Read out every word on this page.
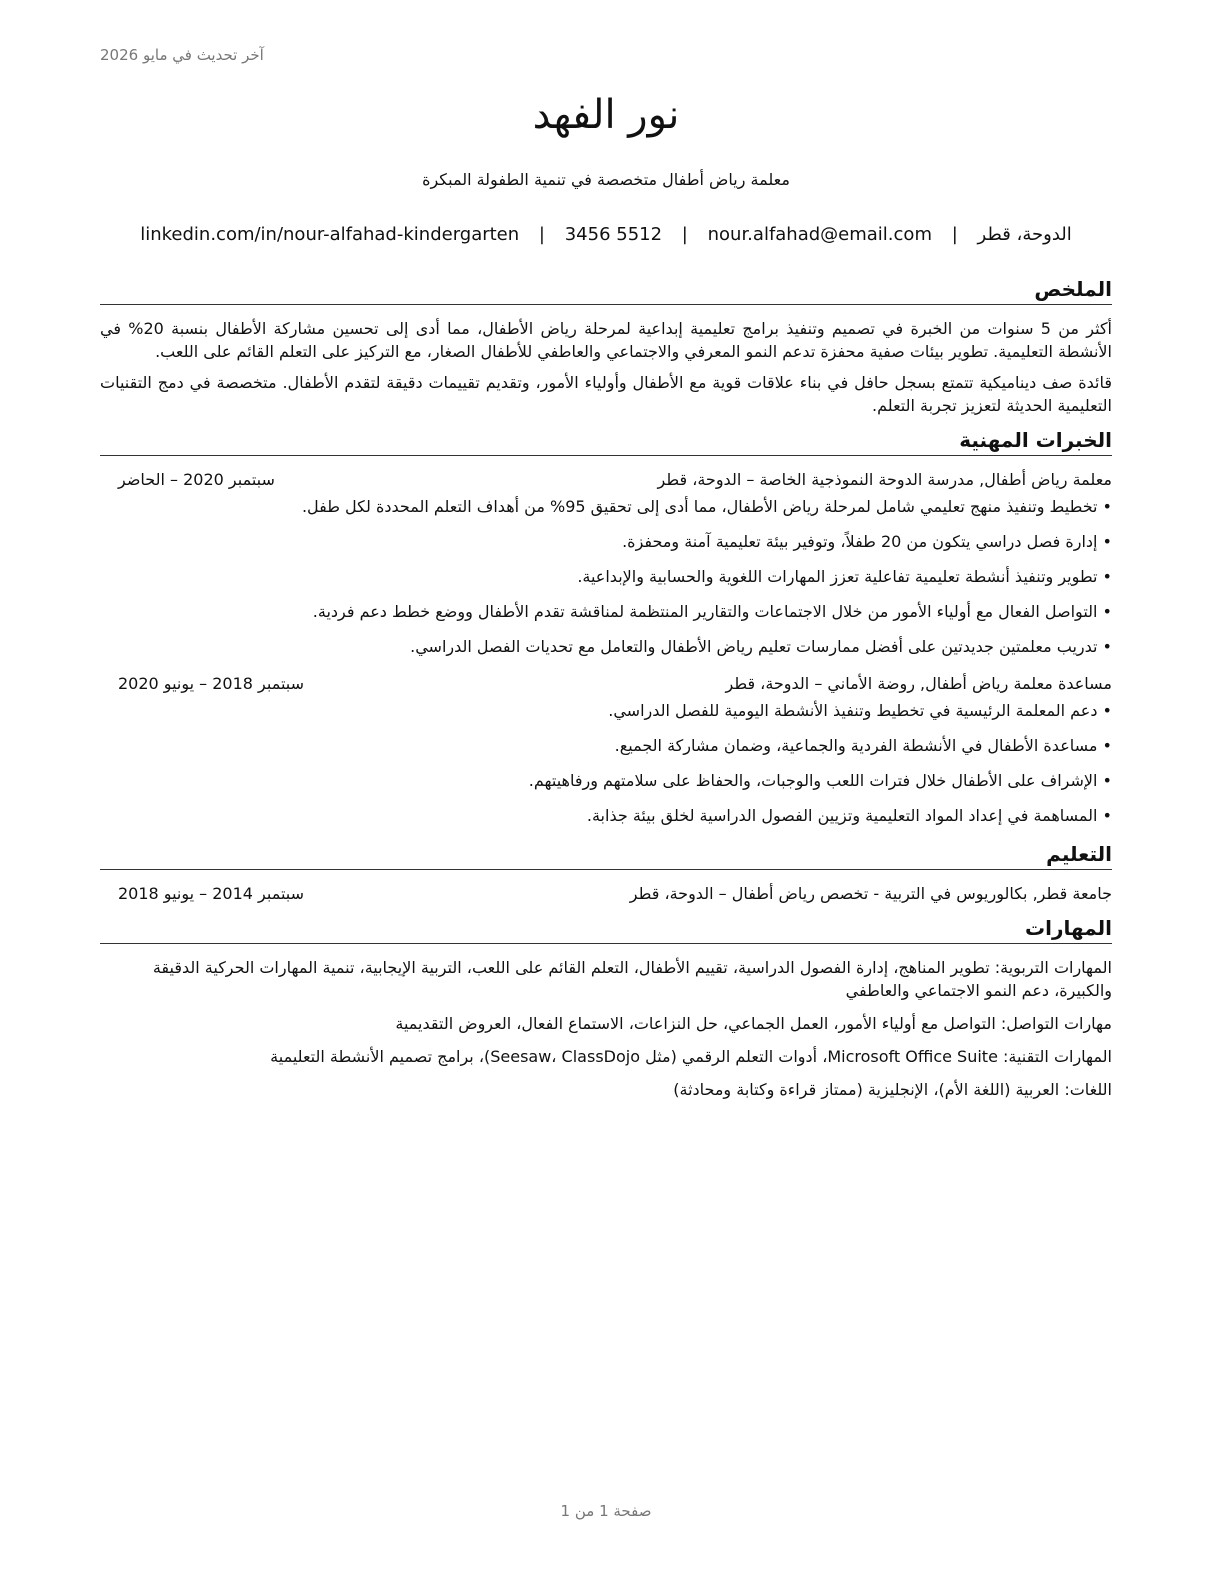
آخر تحديث في مايو 2026
نور الفهد
معلمة رياض أطفال متخصصة في تنمية الطفولة المبكرة
الدوحة، قطر | nour.alfahad@email.com | 3456 5512 | linkedin.com/in/nour-alfahad-kindergarten
الملخص

أكثر من 5 سنوات من الخبرة في تصميم وتنفيذ برامج تعليمية إبداعية لمرحلة رياض الأطفال، مما أدى إلى تحسين مشاركة الأطفال بنسبة 20% في الأنشطة التعليمية. تطوير بيئات صفية محفزة تدعم النمو المعرفي والاجتماعي والعاطفي للأطفال الصغار، مع التركيز على التعلم القائم على اللعب.

قائدة صف ديناميكية تتمتع بسجل حافل في بناء علاقات قوية مع الأطفال وأولياء الأمور، وتقديم تقييمات دقيقة لتقدم الأطفال. متخصصة في دمج التقنيات التعليمية الحديثة لتعزيز تجربة التعلم.

الخبرات المهنية
معلمة رياض أطفال, مدرسة الدوحة النموذجية الخاصة – الدوحة، قطر
سبتمبر 2020 – الحاضر
• تخطيط وتنفيذ منهج تعليمي شامل لمرحلة رياض الأطفال، مما أدى إلى تحقيق 95% من أهداف التعلم المحددة لكل طفل.
• إدارة فصل دراسي يتكون من 20 طفلاً، وتوفير بيئة تعليمية آمنة ومحفزة.
• تطوير وتنفيذ أنشطة تعليمية تفاعلية تعزز المهارات اللغوية والحسابية والإبداعية.
• التواصل الفعال مع أولياء الأمور من خلال الاجتماعات والتقارير المنتظمة لمناقشة تقدم الأطفال ووضع خطط دعم فردية.
• تدريب معلمتين جديدتين على أفضل ممارسات تعليم رياض الأطفال والتعامل مع تحديات الفصل الدراسي.
مساعدة معلمة رياض أطفال, روضة الأماني – الدوحة، قطر
سبتمبر 2018 – يونيو 2020
• دعم المعلمة الرئيسية في تخطيط وتنفيذ الأنشطة اليومية للفصل الدراسي.
• مساعدة الأطفال في الأنشطة الفردية والجماعية، وضمان مشاركة الجميع.
• الإشراف على الأطفال خلال فترات اللعب والوجبات، والحفاظ على سلامتهم ورفاهيتهم.
• المساهمة في إعداد المواد التعليمية وتزيين الفصول الدراسية لخلق بيئة جذابة.
التعليم
جامعة قطر, بكالوريوس في التربية - تخصص رياض أطفال – الدوحة، قطر
سبتمبر 2014 – يونيو 2018
المهارات

المهارات التربوية: تطوير المناهج، إدارة الفصول الدراسية، تقييم الأطفال، التعلم القائم على اللعب، التربية الإيجابية، تنمية المهارات الحركية الدقيقة والكبيرة، دعم النمو الاجتماعي والعاطفي

مهارات التواصل: التواصل مع أولياء الأمور، العمل الجماعي، حل النزاعات، الاستماع الفعال، العروض التقديمية

المهارات التقنية: Microsoft Office Suite، أدوات التعلم الرقمي (مثل Seesaw، ClassDojo)، برامج تصميم الأنشطة التعليمية

اللغات: العربية (اللغة الأم)، الإنجليزية (ممتاز قراءة وكتابة ومحادثة)

صفحة 1 من 1
